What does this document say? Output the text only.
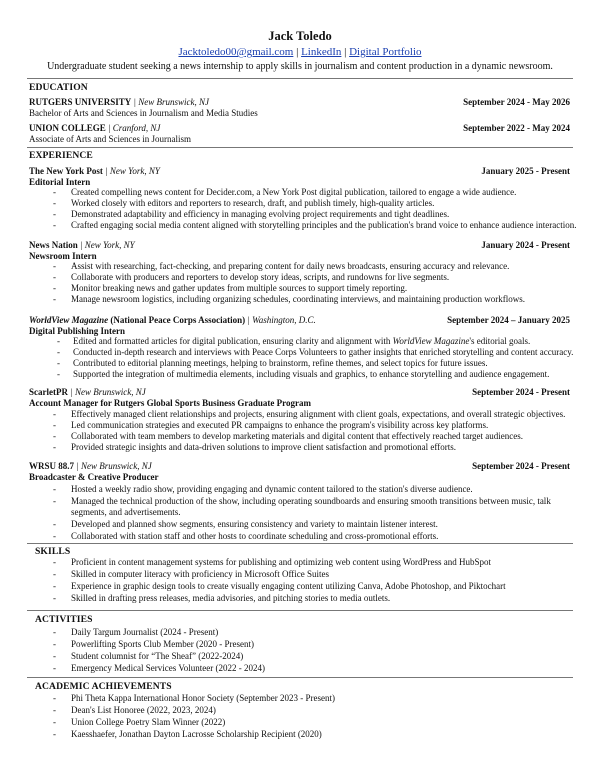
Jack Toledo
Jacktoledo00@gmail.com | LinkedIn | Digital Portfolio
Undergraduate student seeking a news internship to apply skills in journalism and content production in a dynamic newsroom.
EDUCATION
RUTGERS UNIVERSITY | New Brunswick, NJ	September 2024 - May 2026
Bachelor of Arts and Sciences in Journalism and Media Studies
UNION COLLEGE | Cranford, NJ	September 2022 - May 2024
Associate of Arts and Sciences in Journalism
EXPERIENCE
The New York Post | New York, NY	January 2025 - Present
Editorial Intern
- Created compelling news content for Decider.com, a New York Post digital publication, tailored to engage a wide audience.
- Worked closely with editors and reporters to research, draft, and publish timely, high-quality articles.
- Demonstrated adaptability and efficiency in managing evolving project requirements and tight deadlines.
- Crafted engaging social media content aligned with storytelling principles and the publication's brand voice to enhance audience interaction.
News Nation | New York, NY	January 2024 - Present
Newsroom Intern
- Assist with researching, fact-checking, and preparing content for daily news broadcasts, ensuring accuracy and relevance.
- Collaborate with producers and reporters to develop story ideas, scripts, and rundowns for live segments.
- Monitor breaking news and gather updates from multiple sources to support timely reporting.
- Manage newsroom logistics, including organizing schedules, coordinating interviews, and maintaining production workflows.
WorldView Magazine (National Peace Corps Association) | Washington, D.C.	September 2024 – January 2025
Digital Publishing Intern
- Edited and formatted articles for digital publication, ensuring clarity and alignment with WorldView Magazine's editorial goals.
- Conducted in-depth research and interviews with Peace Corps Volunteers to gather insights that enriched storytelling and content accuracy.
- Contributed to editorial planning meetings, helping to brainstorm, refine themes, and select topics for future issues.
- Supported the integration of multimedia elements, including visuals and graphics, to enhance storytelling and audience engagement.
ScarletPR | New Brunswick, NJ	September 2024 - Present
Account Manager for Rutgers Global Sports Business Graduate Program
- Effectively managed client relationships and projects, ensuring alignment with client goals, expectations, and overall strategic objectives.
- Led communication strategies and executed PR campaigns to enhance the program's visibility across key platforms.
- Collaborated with team members to develop marketing materials and digital content that effectively reached target audiences.
- Provided strategic insights and data-driven solutions to improve client satisfaction and promotional efforts.
WRSU 88.7 | New Brunswick, NJ	September 2024 - Present
Broadcaster & Creative Producer
- Hosted a weekly radio show, providing engaging and dynamic content tailored to the station's diverse audience.
- Managed the technical production of the show, including operating soundboards and ensuring smooth transitions between music, talk
segments, and advertisements.
- Developed and planned show segments, ensuring consistency and variety to maintain listener interest.
- Collaborated with station staff and other hosts to coordinate scheduling and cross-promotional efforts.
SKILLS
- Proficient in content management systems for publishing and optimizing web content using WordPress and HubSpot
- Skilled in computer literacy with proficiency in Microsoft Office Suites
- Experience in graphic design tools to create visually engaging content utilizing Canva, Adobe Photoshop, and Piktochart
- Skilled in drafting press releases, media advisories, and pitching stories to media outlets.
ACTIVITIES
- Daily Targum Journalist (2024 - Present)
- Powerlifting Sports Club Member (2020 - Present)
- Student columnist for “The Sheaf” (2022-2024)
- Emergency Medical Services Volunteer (2022 - 2024)
ACADEMIC ACHIEVEMENTS
- Phi Theta Kappa International Honor Society (September 2023 - Present)
- Dean's List Honoree (2022, 2023, 2024)
- Union College Poetry Slam Winner (2022)
- Kaesshaefer, Jonathan Dayton Lacrosse Scholarship Recipient (2020)
